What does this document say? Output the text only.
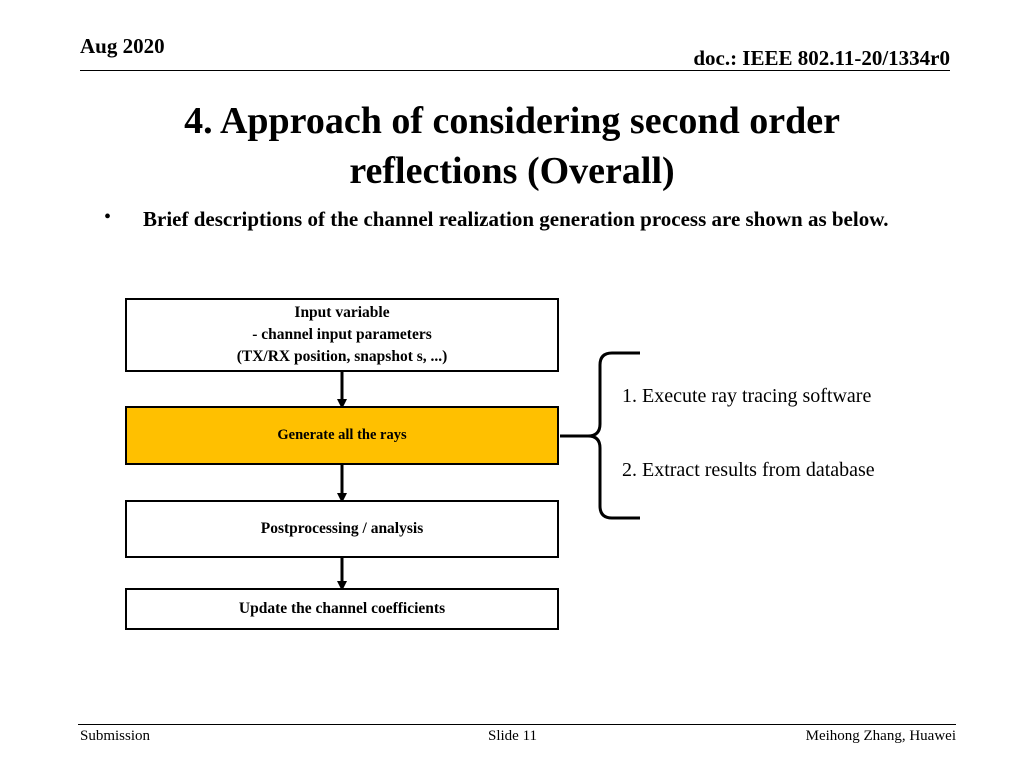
Aug 2020	doc.: IEEE 802.11-20/1334r0
4. Approach of considering second order reflections (Overall)
• Brief descriptions of the channel realization generation process are shown as below.
Input variable
- channel input parameters
(TX/RX position, snapshot s, ...)
Generate all the rays
Postprocessing / analysis
Update the channel coefficients
1. Execute ray tracing software
2. Extract results from database
Submission	Slide 11	Meihong Zhang, Huawei
